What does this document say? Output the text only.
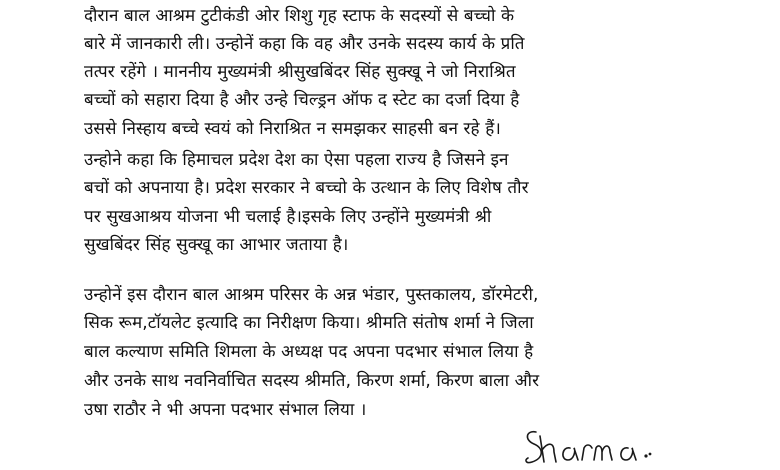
दौरान बाल आश्रम टुटीकंडी ओर शिशु गृह स्टाफ के सदस्यों से बच्चो के
बारे में जानकारी ली। उन्होनें कहा कि वह और उनके सदस्य कार्य के प्रति
तत्पर रहेंगे । माननीय मुख्यमंत्री श्रीसुखबिंदर सिंह सुक्खू ने जो निराश्रित
बच्चों को सहारा दिया है और उन्हे चिल्ड्रन ऑफ द स्टेट का दर्जा दिया है
उससे निस्हाय बच्चे स्वयं को निराश्रित न समझकर साहसी बन रहे हैं।
उन्होने कहा कि हिमाचल प्रदेश देश का ऐसा पहला राज्य है जिसने इन
बचों को अपनाया है। प्रदेश सरकार ने बच्चो के उत्थान के लिए विशेष तौर
पर सुखआश्रय योजना भी चलाई है।इसके लिए उन्होंने मुख्यमंत्री श्री
सुखबिंदर सिंह सुक्खू का आभार जताया है।
उन्होनें इस दौरान बाल आश्रम परिसर के अन्न भंडार, पुस्तकालय, डॉरमेटरी,
सिक रूम,टॉयलेट इत्यादि का निरीक्षण किया। श्रीमति संतोष शर्मा ने जिला
बाल कल्याण समिति शिमला के अध्यक्ष पद अपना पदभार संभाल लिया है
और उनके साथ नवनिर्वाचित सदस्य श्रीमति, किरण शर्मा, किरण बाला और
उषा राठौर ने भी अपना पदभार संभाल लिया ।
